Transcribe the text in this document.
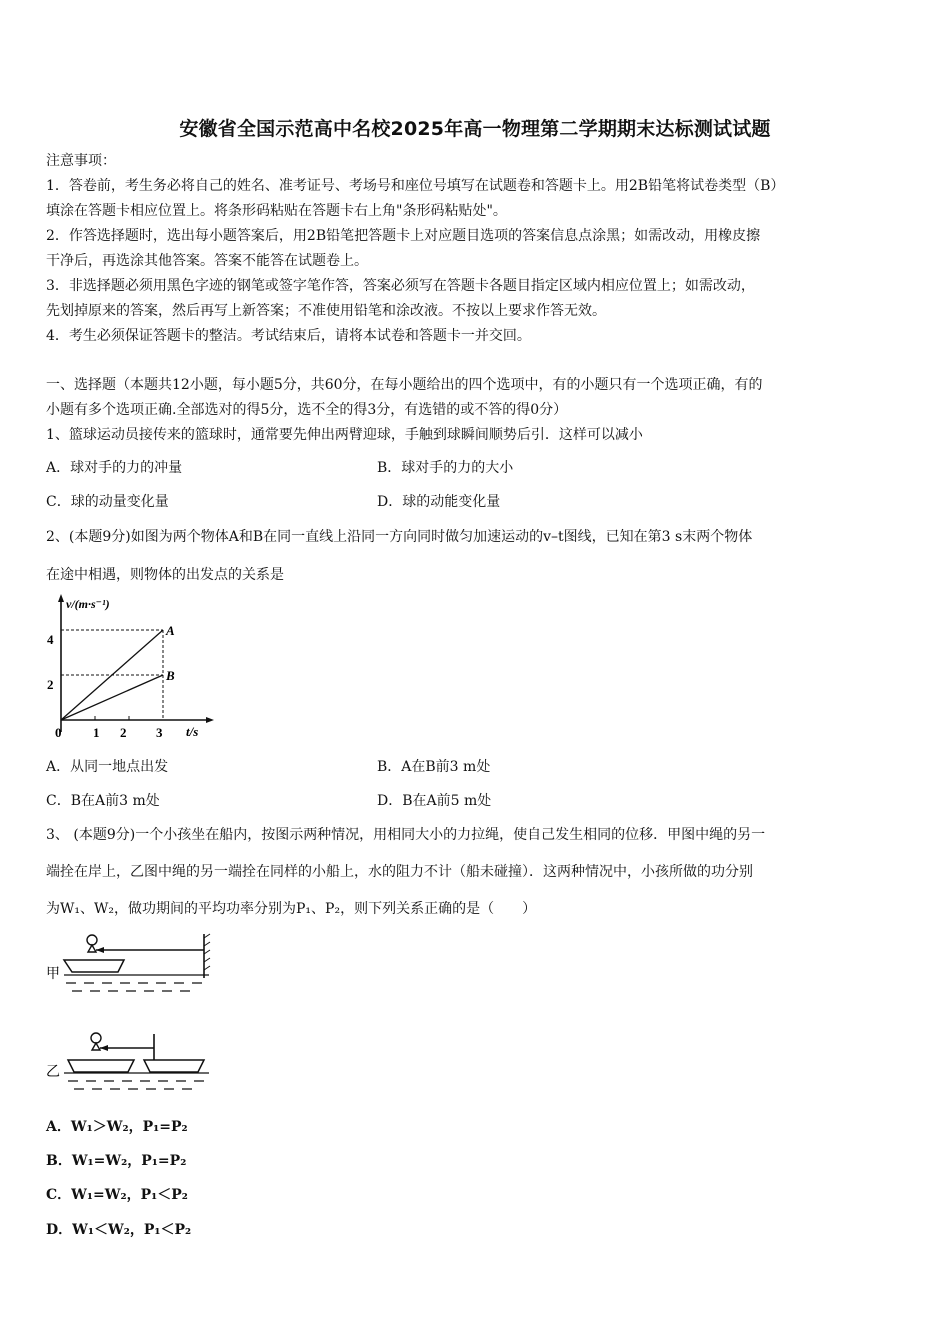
安徽省全国示范高中名校2025年高一物理第二学期期末达标测试试题
注意事项：
1．答卷前，考生务必将自己的姓名、准考证号、考场号和座位号填写在试题卷和答题卡上。用2B铅笔将试卷类型（B）
填涂在答题卡相应位置上。将条形码粘贴在答题卡右上角"条形码粘贴处"。
2．作答选择题时，选出每小题答案后，用2B铅笔把答题卡上对应题目选项的答案信息点涂黑；如需改动，用橡皮擦
干净后，再选涂其他答案。答案不能答在试题卷上。
3．非选择题必须用黑色字迹的钢笔或签字笔作答，答案必须写在答题卡各题目指定区域内相应位置上；如需改动，
先划掉原来的答案，然后再写上新答案；不准使用铅笔和涂改液。不按以上要求作答无效。
4．考生必须保证答题卡的整洁。考试结束后，请将本试卷和答题卡一并交回。
一、选择题（本题共12小题，每小题5分，共60分，在每小题给出的四个选项中，有的小题只有一个选项正确，有的
小题有多个选项正确.全部选对的得5分，选不全的得3分，有选错的或不答的得0分）
1、篮球运动员接传来的篮球时，通常要先伸出两臂迎球，手触到球瞬间顺势后引．这样可以减小
A．球对手的力的冲量	B．球对手的力的大小
C．球的动量变化量	D．球的动能变化量
2、(本题9分)如图为两个物体A和B在同一直线上沿同一方向同时做匀加速运动的v–t图线，已知在第3 s末两个物体
在途中相遇，则物体的出发点的关系是
v/(m·s⁻¹)
t/s
0 1 2 3
2
4
A
B
A．从同一地点出发	B．A在B前3 m处
C．B在A前3 m处	D．B在A前5 m处
3、 (本题9分)一个小孩坐在船内，按图示两种情况，用相同大小的力拉绳，使自己发生相同的位移．甲图中绳的另一
端拴在岸上，乙图中绳的另一端拴在同样的小船上，水的阻力不计（船未碰撞）．这两种情况中，小孩所做的功分别
为W₁、W₂，做功期间的平均功率分别为P₁、P₂，则下列关系正确的是（　　）
甲
乙
A．W₁＞W₂，P₁=P₂
B．W₁=W₂，P₁=P₂
C．W₁=W₂，P₁＜P₂
D．W₁＜W₂，P₁＜P₂
